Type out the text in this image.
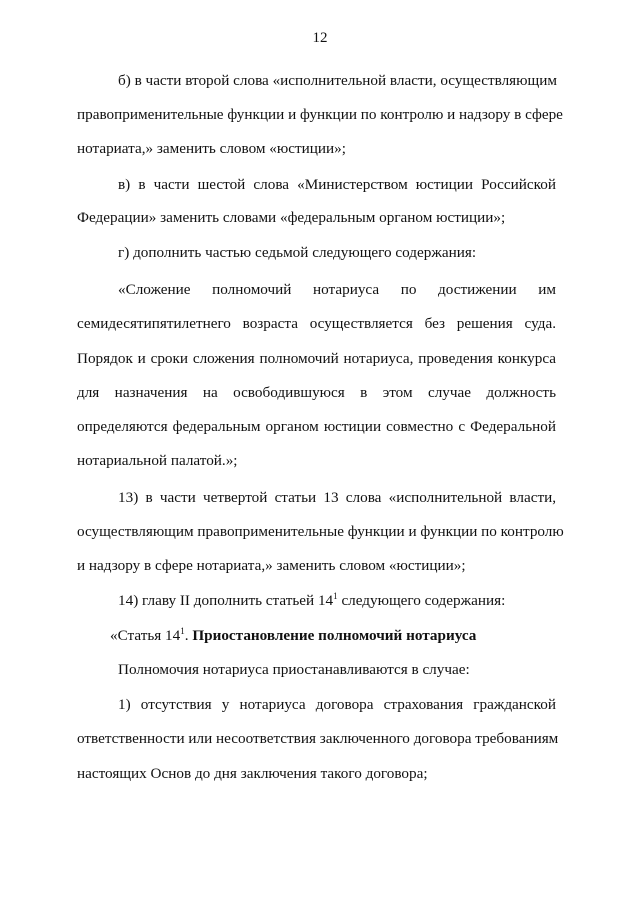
12
б) в части второй слова «исполнительной власти, осуществляющим
правоприменительные функции и функции по контролю и надзору в сфере
нотариата,» заменить словом «юстиции»;
в) в части шестой слова «Министерством юстиции Российской
Федерации» заменить словами «федеральным органом юстиции»;
г) дополнить частью седьмой следующего содержания:
«Сложение полномочий нотариуса по достижении им
семидесятипятилетнего возраста осуществляется без решения суда.
Порядок и сроки сложения полномочий нотариуса, проведения конкурса
для назначения на освободившуюся в этом случае должность
определяются федеральным органом юстиции совместно с Федеральной
нотариальной палатой.»;
13) в части четвертой статьи 13 слова «исполнительной власти,
осуществляющим правоприменительные функции и функции по контролю
и надзору в сфере нотариата,» заменить словом «юстиции»;
14) главу II дополнить статьей $14^1$ следующего содержания:
«Статья $14^1$. Приостановление полномочий нотариуса
Полномочия нотариуса приостанавливаются в случае:
1) отсутствия у нотариуса договора страхования гражданской
ответственности или несоответствия заключенного договора требованиям
настоящих Основ до дня заключения такого договора;
